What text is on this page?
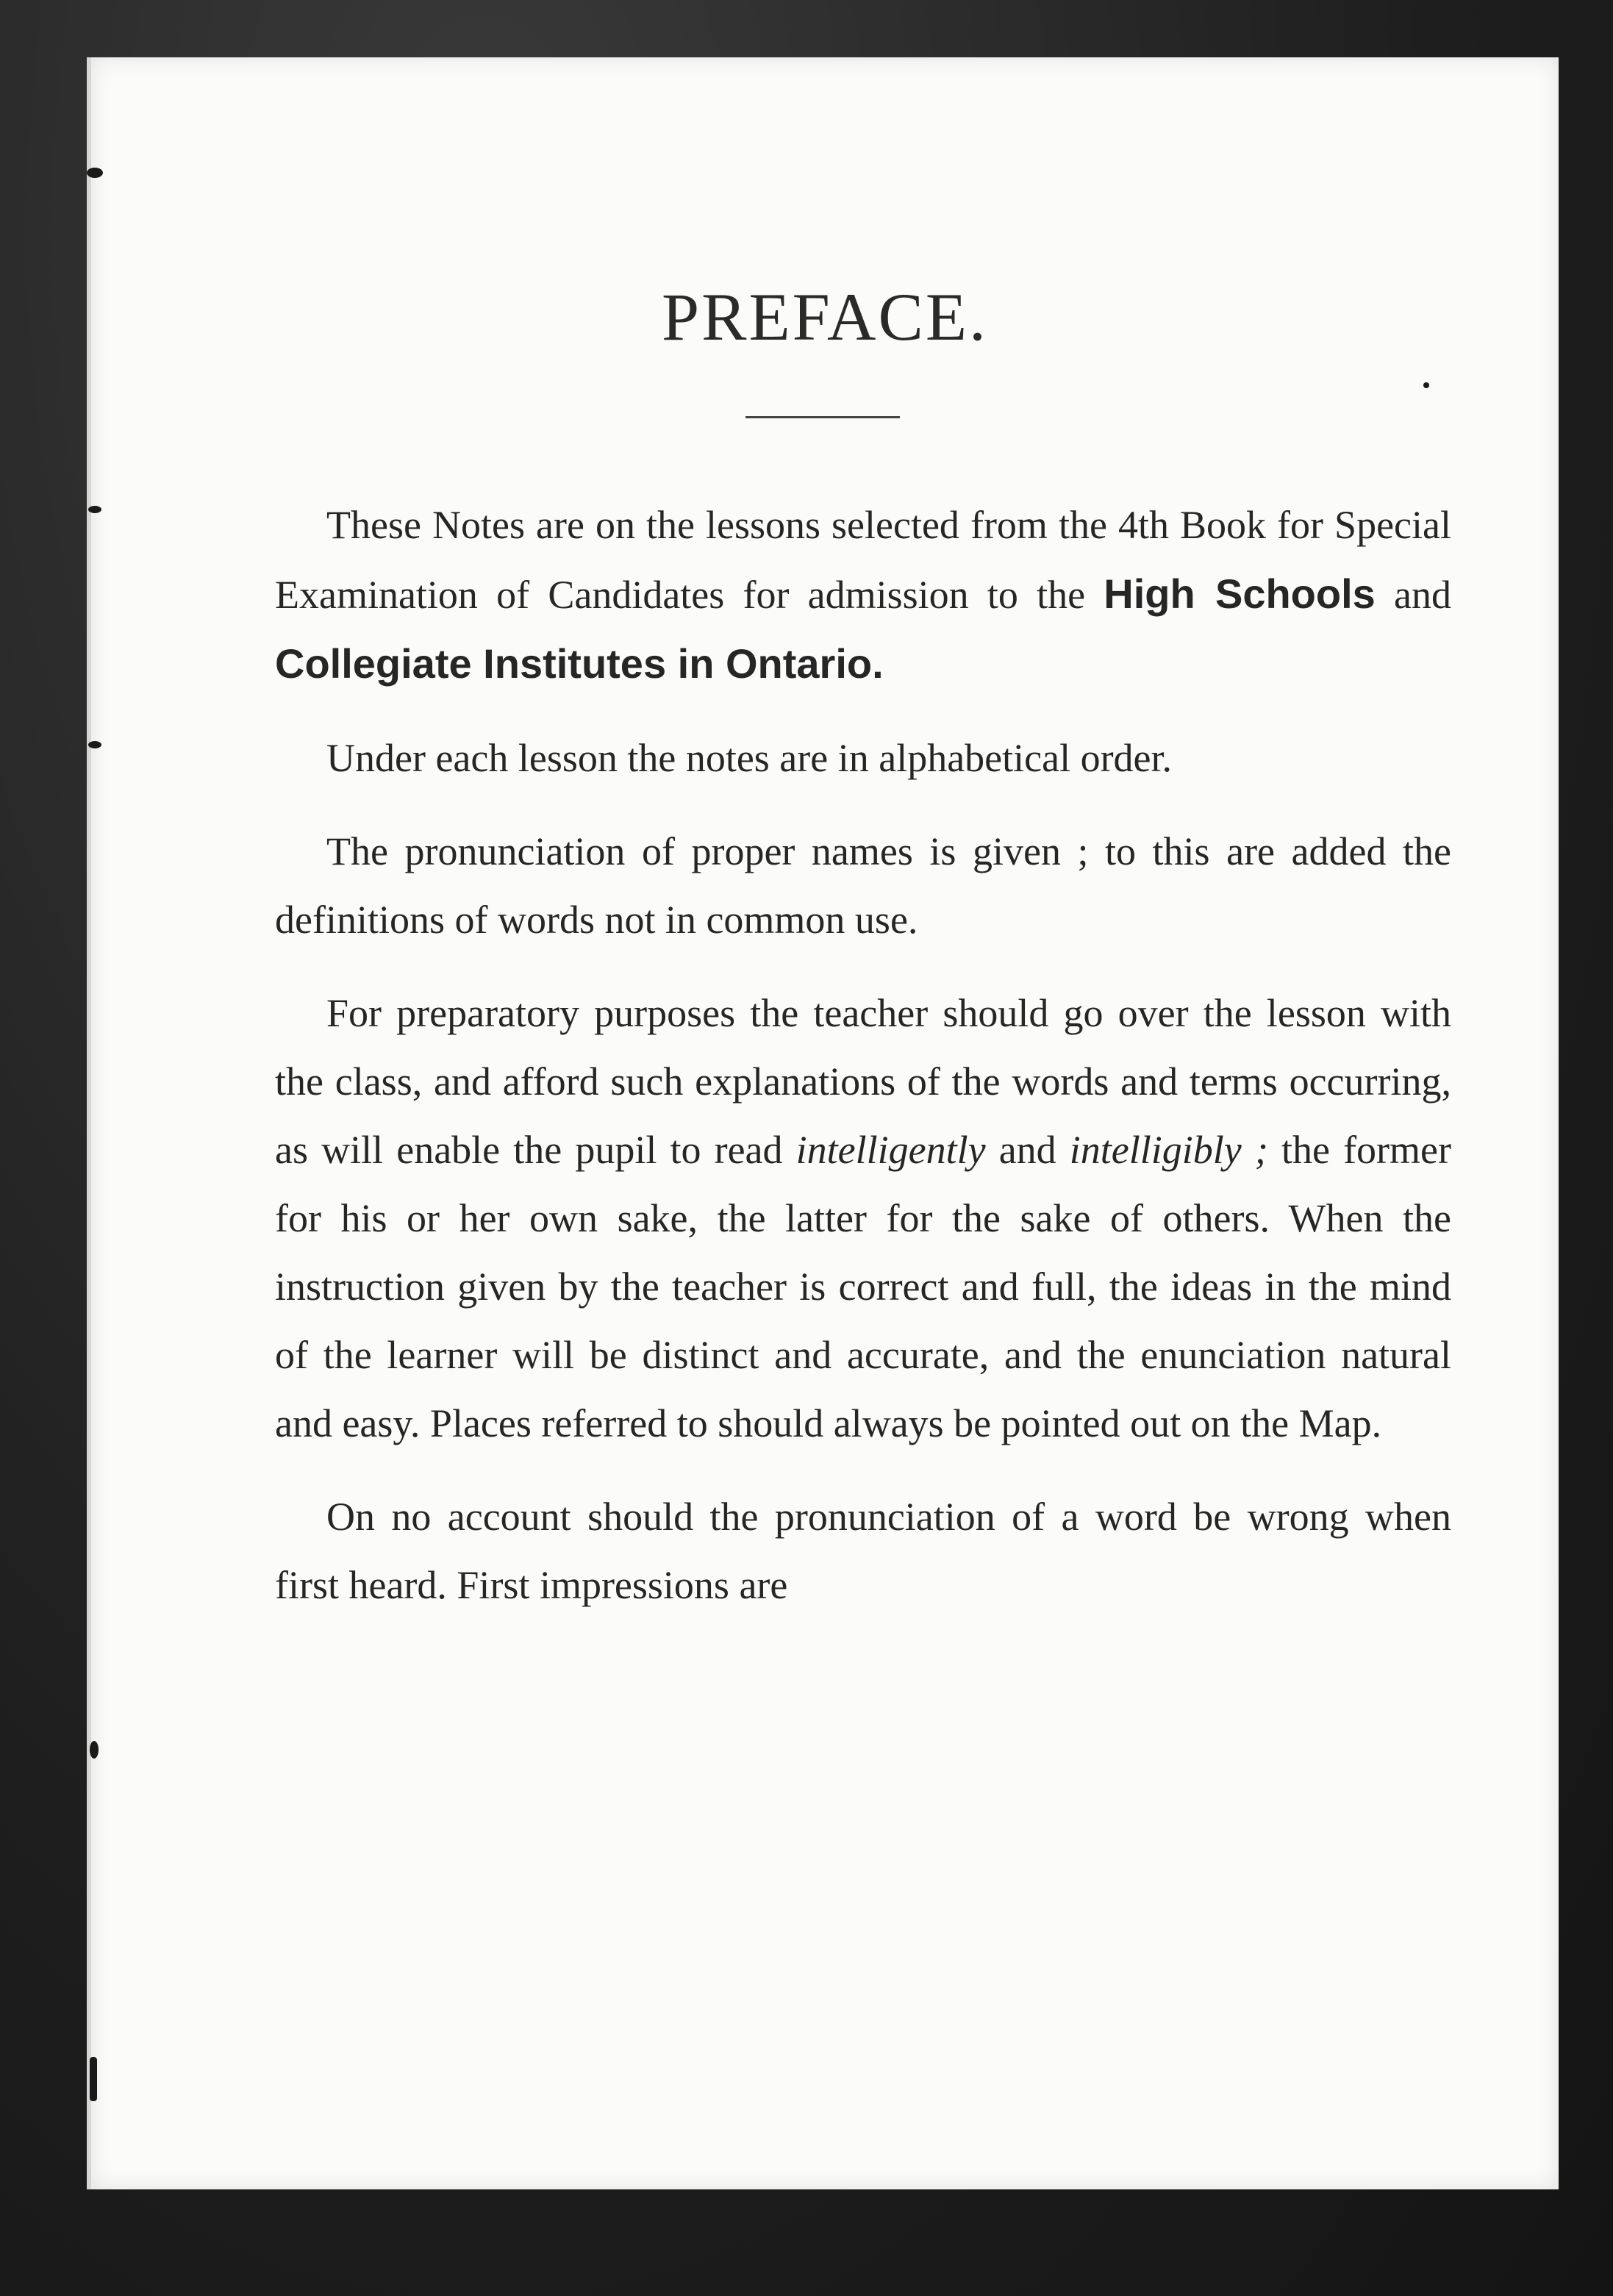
PREFACE.

These Notes are on the lessons selected from the 4th Book for Special Examination of Candidates for admission to the High Schools and Collegiate Institutes in Ontario.

Under each lesson the notes are in alphabetical order.

The pronunciation of proper names is given ; to this are added the definitions of words not in common use.

For preparatory purposes the teacher should go over the lesson with the class, and afford such explanations of the words and terms occurring, as will enable the pupil to read intelligently and intelligibly ; the former for his or her own sake, the latter for the sake of others. When the instruction given by the teacher is correct and full, the ideas in the mind of the learner will be distinct and accurate, and the enunciation natural and easy. Places referred to should always be pointed out on the Map.

On no account should the pronunciation of a word be wrong when first heard. First impressions are
